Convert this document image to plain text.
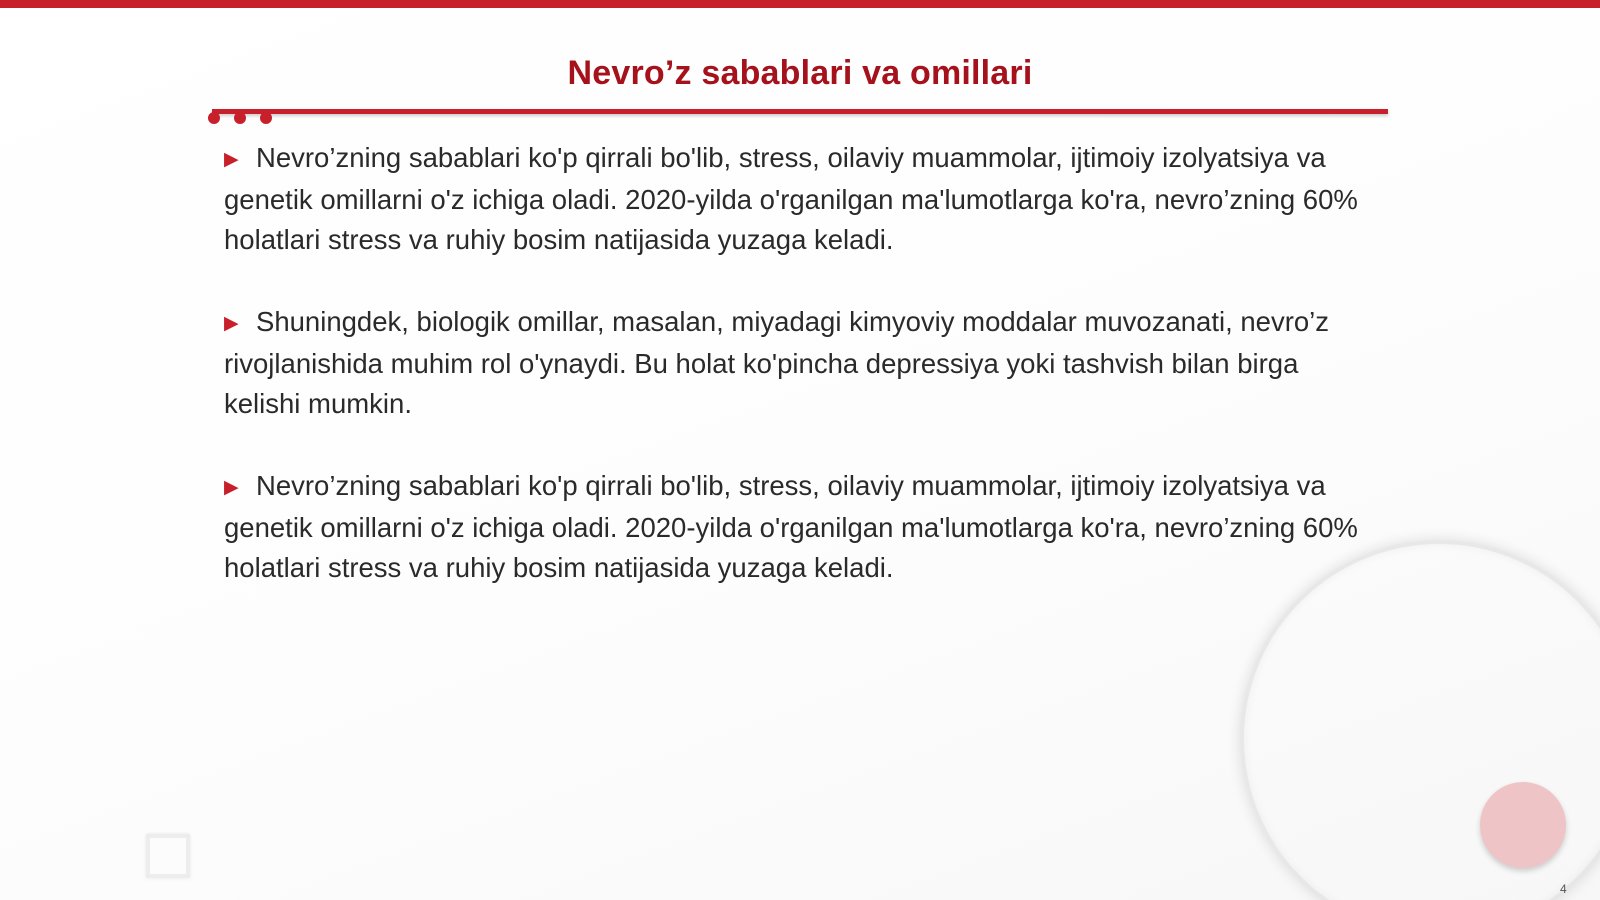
Nevro’z sabablari va omillari

▶ Nevro’zning sabablari ko'p qirrali bo'lib, stress, oilaviy muammolar, ijtimoiy izolyatsiya va genetik omillarni o'z ichiga oladi. 2020-yilda o'rganilgan ma'lumotlarga ko'ra, nevro’zning 60% holatlari stress va ruhiy bosim natijasida yuzaga keladi.

▶ Shuningdek, biologik omillar, masalan, miyadagi kimyoviy moddalar muvozanati, nevro’z rivojlanishida muhim rol o'ynaydi. Bu holat ko'pincha depressiya yoki tashvish bilan birga kelishi mumkin.

▶ Nevro’zning sabablari ko'p qirrali bo'lib, stress, oilaviy muammolar, ijtimoiy izolyatsiya va genetik omillarni o'z ichiga oladi. 2020-yilda o'rganilgan ma'lumotlarga ko'ra, nevro’zning 60% holatlari stress va ruhiy bosim natijasida yuzaga keladi.

4
